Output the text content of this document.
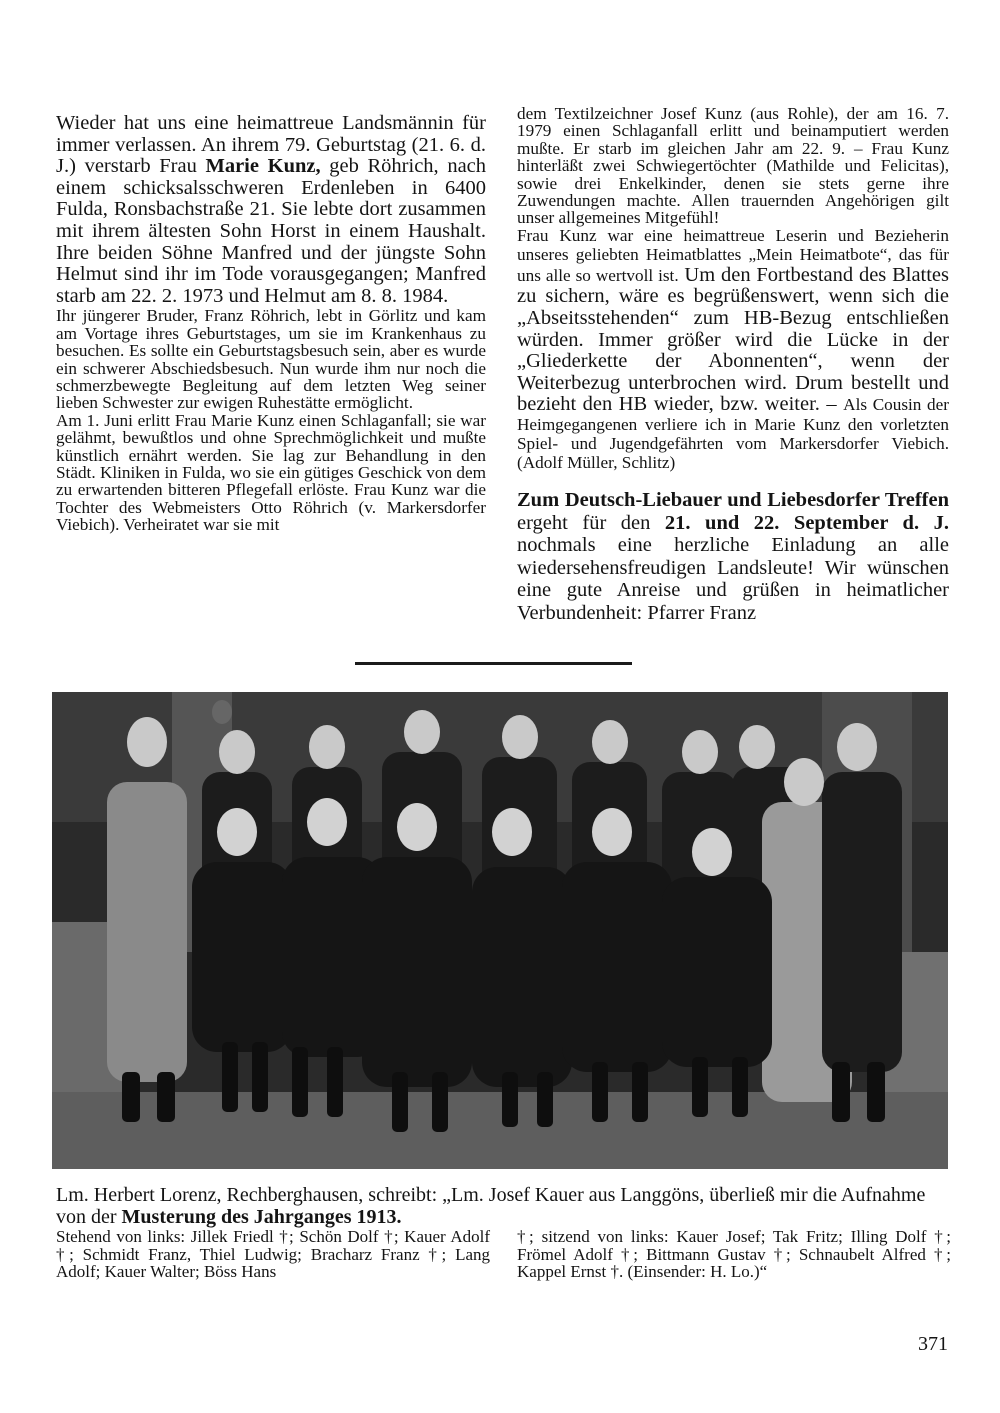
Wieder hat uns eine heimattreue Landsmännin für immer verlassen. An ihrem 79. Geburtstag (21. 6. d. J.) verstarb Frau Marie Kunz, geb Röhrich, nach einem schicksalsschweren Erdenleben in 6400 Fulda, Ronsbachstraße 21. Sie lebte dort zusammen mit ihrem ältesten Sohn Horst in einem Haushalt. Ihre beiden Söhne Manfred und der jüngste Sohn Helmut sind ihr im Tode vorausgegangen; Manfred starb am 22. 2. 1973 und Helmut am 8. 8. 1984.

Ihr jüngerer Bruder, Franz Röhrich, lebt in Görlitz und kam am Vortage ihres Geburtstages, um sie im Krankenhaus zu besuchen. Es sollte ein Geburtstagsbesuch sein, aber es wurde ein schwerer Abschiedsbesuch. Nun wurde ihm nur noch die schmerzbewegte Begleitung auf dem letzten Weg seiner lieben Schwester zur ewigen Ruhestätte ermöglicht.

Am 1. Juni erlitt Frau Marie Kunz einen Schlaganfall; sie war gelähmt, bewußtlos und ohne Sprechmöglichkeit und mußte künstlich ernährt werden. Sie lag zur Behandlung in den Städt. Kliniken in Fulda, wo sie ein gütiges Geschick von dem zu erwartenden bitteren Pflegefall erlöste. Frau Kunz war die Tochter des Webmeisters Otto Röhrich (v. Markersdorfer Viebich). Verheiratet war sie mit

dem Textilzeichner Josef Kunz (aus Rohle), der am 16. 7. 1979 einen Schlaganfall erlitt und beinamputiert werden mußte. Er starb im gleichen Jahr am 22. 9. – Frau Kunz hinterläßt zwei Schwiegertöchter (Mathilde und Felicitas), sowie drei Enkelkinder, denen sie stets gerne ihre Zuwendungen machte. Allen trauernden Angehörigen gilt unser allgemeines Mitgefühl!

Frau Kunz war eine heimattreue Leserin und Bezieherin unseres geliebten Heimatblattes „Mein Heimatbote“, das für uns alle so wertvoll ist. Um den Fortbestand des Blattes zu sichern, wäre es begrüßenswert, wenn sich die „Abseitsstehenden“ zum HB-Bezug entschließen würden. Immer größer wird die Lücke in der „Gliederkette der Abonnenten“, wenn der Weiterbezug unterbrochen wird. Drum bestellt und bezieht den HB wieder, bzw. weiter. – Als Cousin der Heimgegangenen verliere ich in Marie Kunz den vorletzten Spiel- und Jugendgefährten vom Markersdorfer Viebich. (Adolf Müller, Schlitz)

Zum Deutsch-Liebauer und Liebesdorfer Treffen ergeht für den 21. und 22. September d. J. nochmals eine herzliche Einladung an alle wiedersehensfreudigen Landsleute! Wir wünschen eine gute Anreise und grüßen in heimatlicher Verbundenheit: Pfarrer Franz

Lm. Herbert Lorenz, Rechberghausen, schreibt: „Lm. Josef Kauer aus Langgöns, überließ mir die Aufnahme von der Musterung des Jahrganges 1913.

Stehend von links: Jillek Friedl †; Schön Dolf †; Kauer Adolf †; Schmidt Franz, Thiel Ludwig; Bracharz Franz †; Lang Adolf; Kauer Walter; Böss Hans
†; sitzend von links: Kauer Josef; Tak Fritz; Illing Dolf †; Frömel Adolf †; Bittmann Gustav †; Schnaubelt Alfred †; Kappel Ernst †. (Einsender: H. Lo.)“
371
